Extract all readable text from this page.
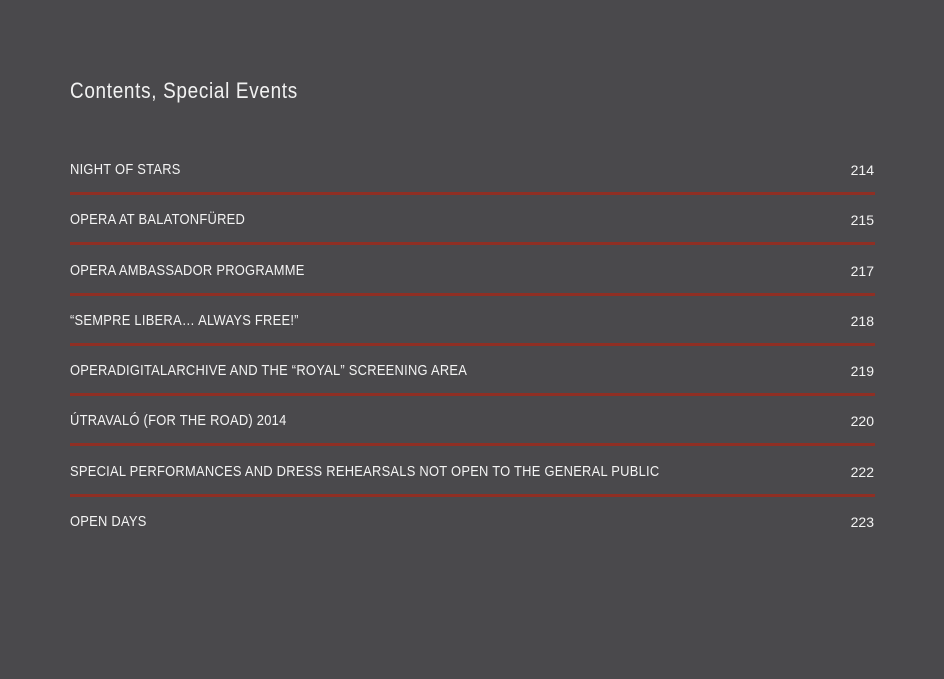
Contents, Special Events
NIGHT OF STARS	214
OPERA AT BALATONFÜRED	215
OPERA AMBASSADOR PROGRAMME	217
“SEMPRE LIBERA… ALWAYS FREE!”	218
OPERADIGITALARCHIVE AND THE “ROYAL” SCREENING AREA	219
ÚTRAVALÓ (FOR THE ROAD) 2014	220
SPECIAL PERFORMANCES AND DRESS REHEARSALS NOT OPEN TO THE GENERAL PUBLIC	222
OPEN DAYS	223
